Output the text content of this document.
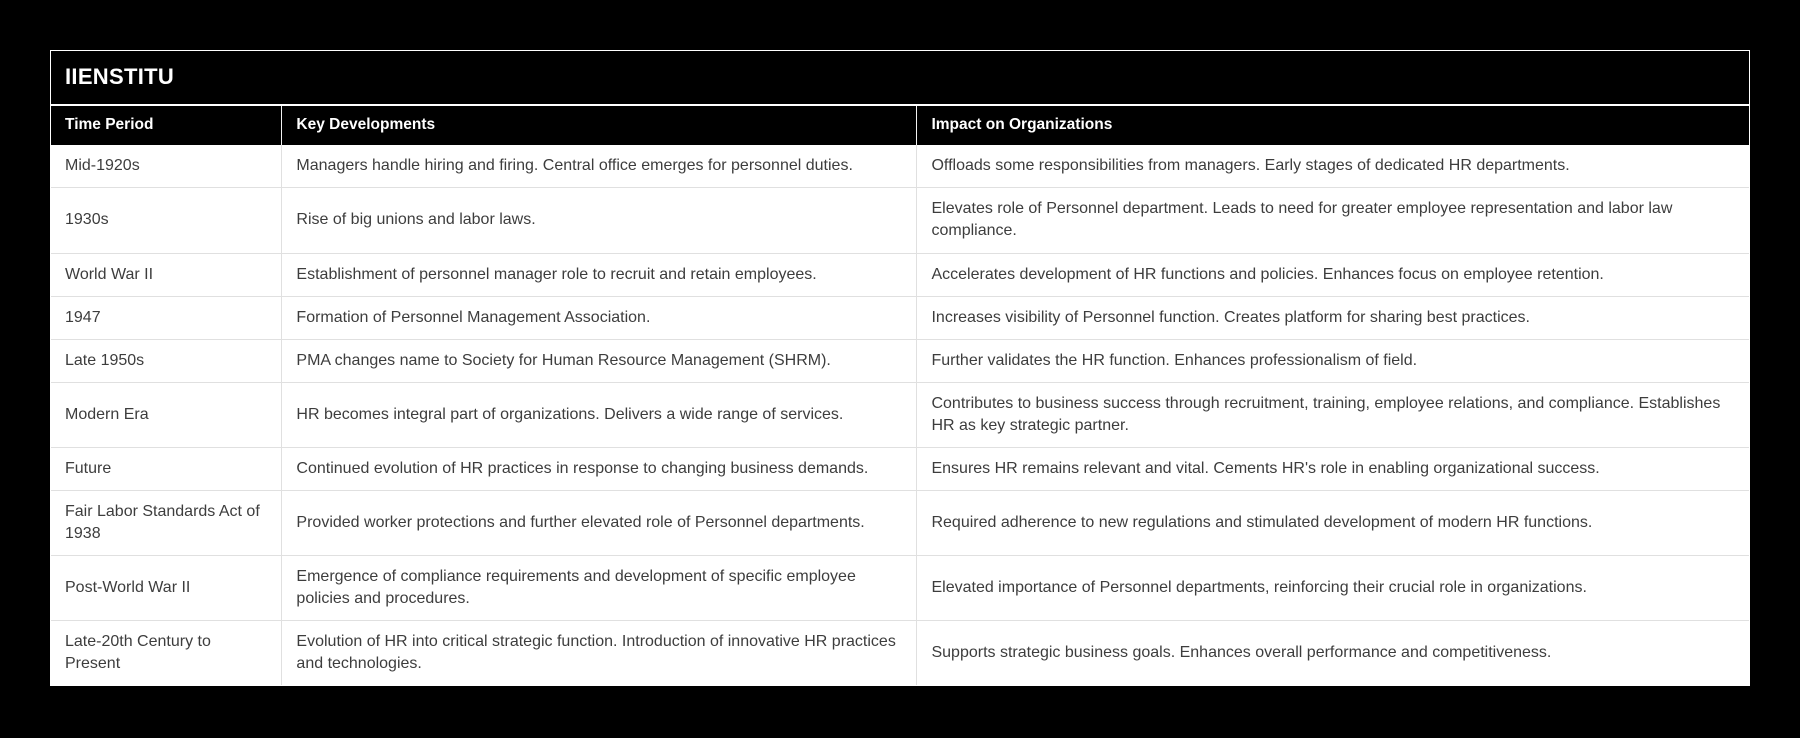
IIENSTITU
Time Period	Key Developments	Impact on Organizations
Mid-1920s	Managers handle hiring and firing. Central office emerges for personnel duties.	Offloads some responsibilities from managers. Early stages of dedicated HR departments.
1930s	Rise of big unions and labor laws.	Elevates role of Personnel department. Leads to need for greater employee representation and labor law compliance.
World War II	Establishment of personnel manager role to recruit and retain employees.	Accelerates development of HR functions and policies. Enhances focus on employee retention.
1947	Formation of Personnel Management Association.	Increases visibility of Personnel function. Creates platform for sharing best practices.
Late 1950s	PMA changes name to Society for Human Resource Management (SHRM).	Further validates the HR function. Enhances professionalism of field.
Modern Era	HR becomes integral part of organizations. Delivers a wide range of services.	Contributes to business success through recruitment, training, employee relations, and compliance. Establishes HR as key strategic partner.
Future	Continued evolution of HR practices in response to changing business demands.	Ensures HR remains relevant and vital. Cements HR's role in enabling organizational success.
Fair Labor Standards Act of 1938	Provided worker protections and further elevated role of Personnel departments.	Required adherence to new regulations and stimulated development of modern HR functions.
Post-World War II	Emergence of compliance requirements and development of specific employee policies and procedures.	Elevated importance of Personnel departments, reinforcing their crucial role in organizations.
Late-20th Century to Present	Evolution of HR into critical strategic function. Introduction of innovative HR practices and technologies.	Supports strategic business goals. Enhances overall performance and competitiveness.
